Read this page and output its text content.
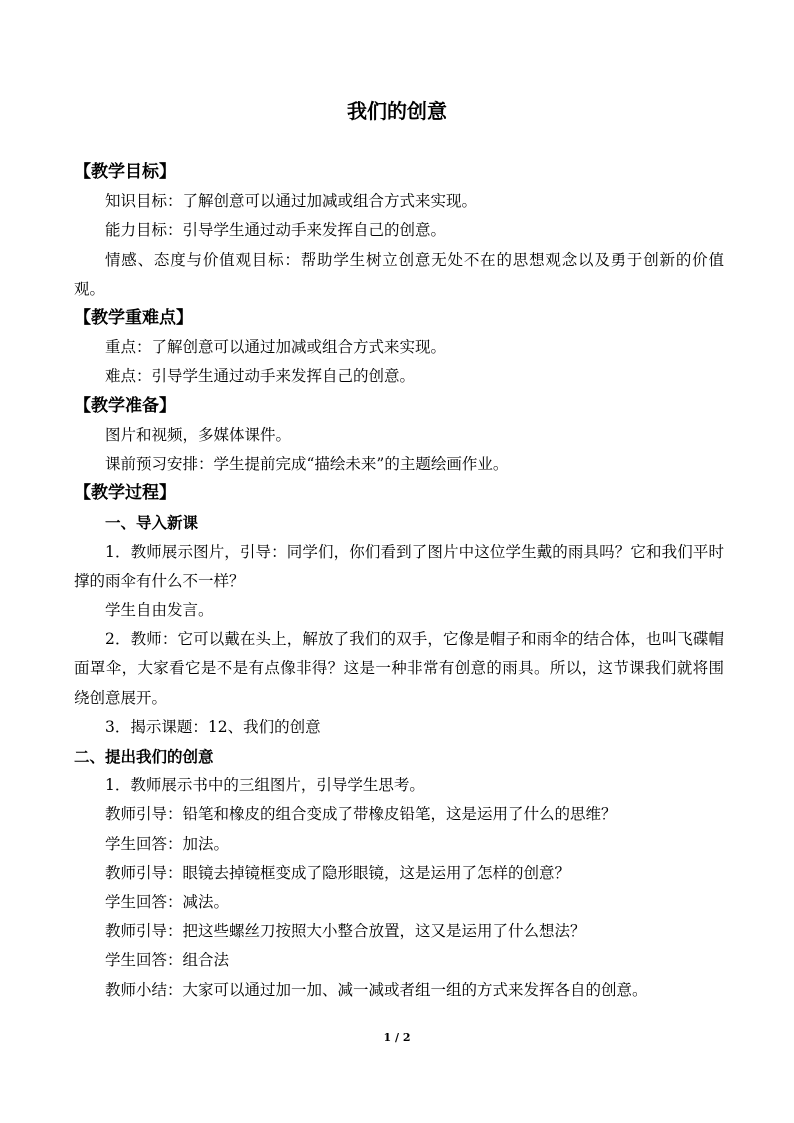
我们的创意
【教学目标】
知识目标：了解创意可以通过加减或组合方式来实现。
能力目标：引导学生通过动手来发挥自己的创意。
情感、态度与价值观目标：帮助学生树立创意无处不在的思想观念以及勇于创新的价值观。
【教学重难点】
重点：了解创意可以通过加减或组合方式来实现。
难点：引导学生通过动手来发挥自己的创意。
【教学准备】
图片和视频，多媒体课件。
课前预习安排：学生提前完成“描绘未来”的主题绘画作业。
【教学过程】
一、导入新课
1．教师展示图片，引导：同学们，你们看到了图片中这位学生戴的雨具吗？它和我们平时撑的雨伞有什么不一样？
学生自由发言。
2．教师：它可以戴在头上，解放了我们的双手，它像是帽子和雨伞的结合体，也叫飞碟帽面罩伞，大家看它是不是有点像非得？这是一种非常有创意的雨具。所以，这节课我们就将围绕创意展开。
3．揭示课题：12、我们的创意
二、提出我们的创意
1．教师展示书中的三组图片，引导学生思考。
教师引导：铅笔和橡皮的组合变成了带橡皮铅笔，这是运用了什么的思维？
学生回答：加法。
教师引导：眼镜去掉镜框变成了隐形眼镜，这是运用了怎样的创意？
学生回答：减法。
教师引导：把这些螺丝刀按照大小整合放置，这又是运用了什么想法？
学生回答：组合法
教师小结：大家可以通过加一加、减一减或者组一组的方式来发挥各自的创意。
1 / 2
